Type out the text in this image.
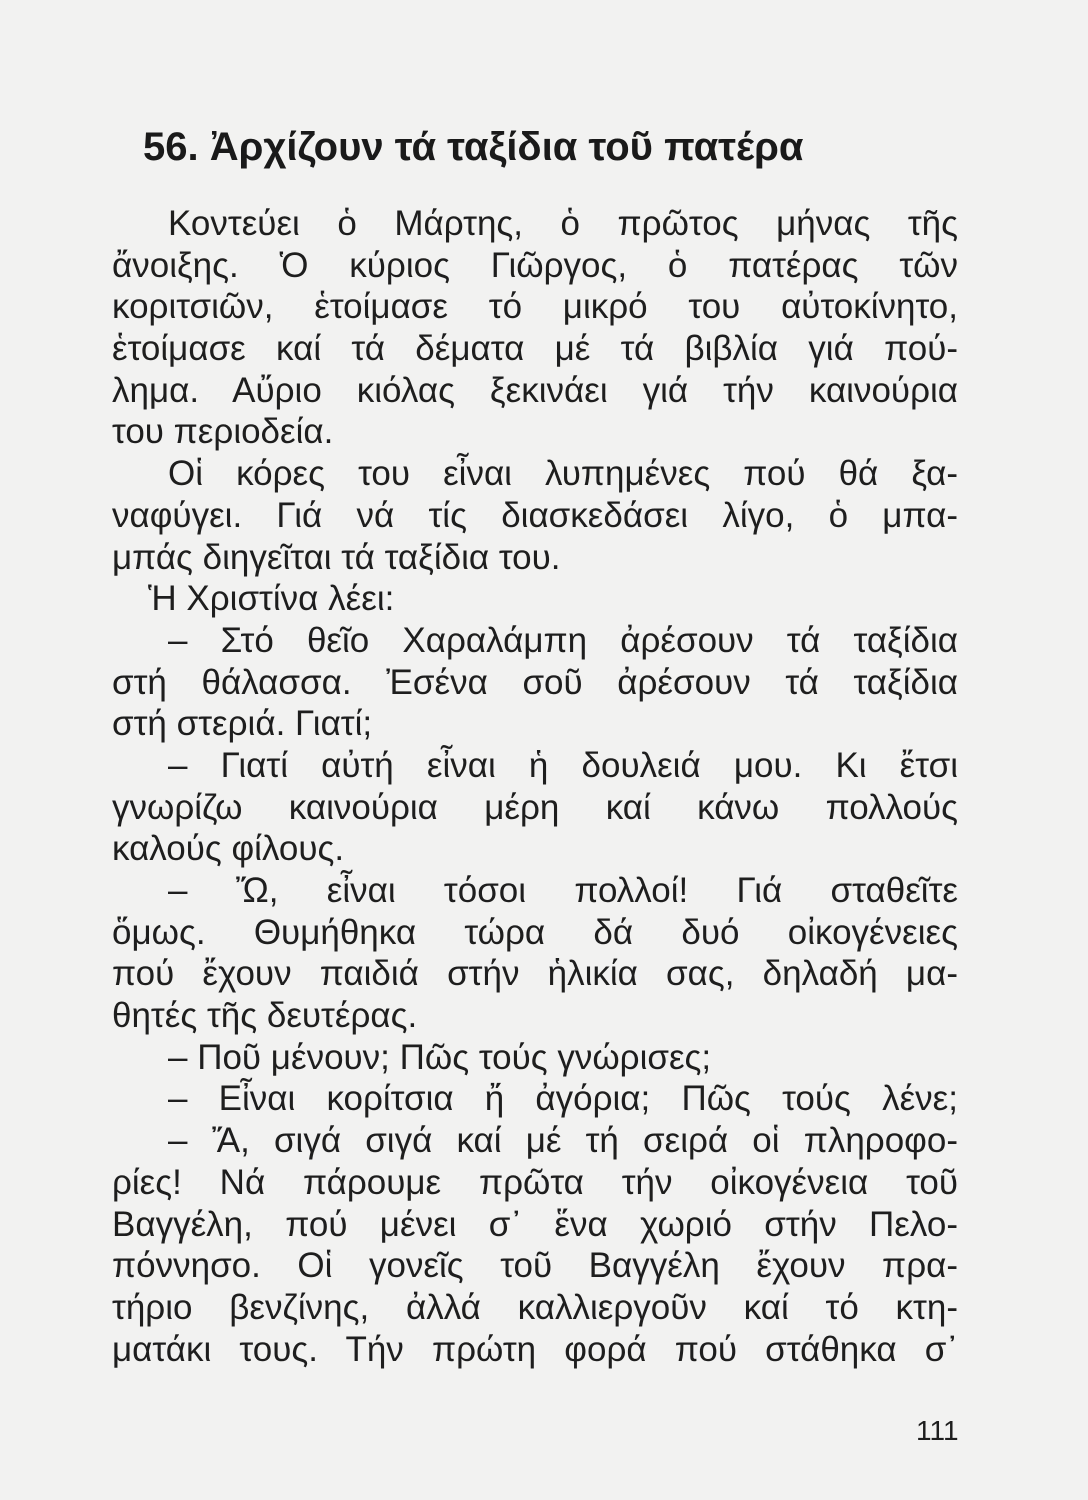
56. Ἀρχίζουν τά ταξίδια τοῦ πατέρα
Κοντεύει ὁ Μάρτης, ὁ πρῶτος μήνας τῆς
ἄνοιξης. Ὁ κύριος Γιῶργος, ὁ πατέρας τῶν
κοριτσιῶν, ἑτοίμασε τό μικρό του αὐτοκίνητο,
ἑτοίμασε καί τά δέματα μέ τά βιβλία γιά πού-
λημα. Αὔριο κιόλας ξεκινάει γιά τήν καινούρια
του περιοδεία.
Οἱ κόρες του εἶναι λυπημένες πού θά ξα-
ναφύγει. Γιά νά τίς διασκεδάσει λίγο, ὁ μπα-
μπάς διηγεῖται τά ταξίδια του.
Ἡ Χριστίνα λέει:
– Στό θεῖο Χαραλάμπη ἀρέσουν τά ταξίδια
στή θάλασσα. Ἐσένα σοῦ ἀρέσουν τά ταξίδια
στή στεριά. Γιατί;
– Γιατί αὐτή εἶναι ἡ δουλειά μου. Κι ἔτσι
γνωρίζω καινούρια μέρη καί κάνω πολλούς
καλούς φίλους.
– Ὤ, εἶναι τόσοι πολλοί! Γιά σταθεῖτε
ὅμως. Θυμήθηκα τώρα δά δυό οἰκογένειες
πού ἔχουν παιδιά στήν ἡλικία σας, δηλαδή μα-
θητές τῆς δευτέρας.
– Ποῦ μένουν; Πῶς τούς γνώρισες;
– Εἶναι κορίτσια ἤ ἀγόρια; Πῶς τούς λένε;
– Ἄ, σιγά σιγά καί μέ τή σειρά οἱ πληροφο-
ρίες! Νά πάρουμε πρῶτα τήν οἰκογένεια τοῦ
Βαγγέλη, πού μένει σ᾽ ἕνα χωριό στήν Πελο-
πόννησο. Οἱ γονεῖς τοῦ Βαγγέλη ἔχουν πρα-
τήριο βενζίνης, ἀλλά καλλιεργοῦν καί τό κτη-
ματάκι τους. Τήν πρώτη φορά πού στάθηκα σ᾽
111
